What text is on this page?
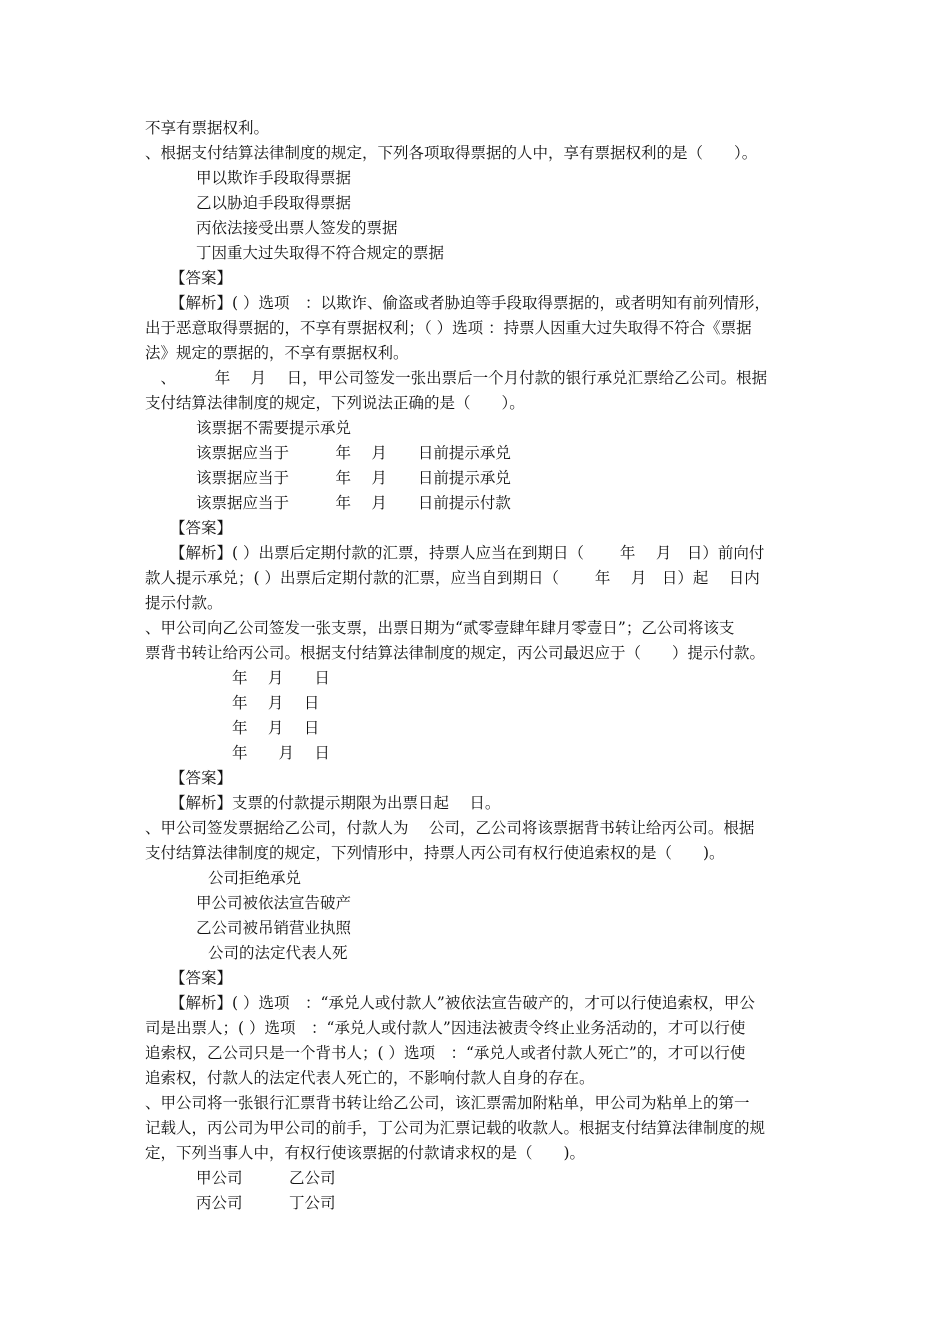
不享有票据权利。
、根据支付结算法律制度的规定，下列各项取得票据的人中，享有票据权利的是（　　）。
甲以欺诈手段取得票据
乙以胁迫手段取得票据
丙依法接受出票人签发的票据
丁因重大过失取得不符合规定的票据
【答案】
【解析】( ）选项　：以欺诈、偷盗或者胁迫等手段取得票据的，或者明知有前列情形，
出于恶意取得票据的，不享有票据权利；（ ）选项 ：持票人因重大过失取得不符合《票据
法》规定的票据的，不享有票据权利。
　、　　　年　 月　 日，甲公司签发一张出票后一个月付款的银行承兑汇票给乙公司。根据
支付结算法律制度的规定，下列说法正确的是（　　）。
该票据不需要提示承兑
该票据应当于　　　年　 月　　日前提示承兑
该票据应当于　　　年　 月　　日前提示承兑
该票据应当于　　　年　 月　　日前提示付款
【答案】
【解析】( ）出票后定期付款的汇票，持票人应当在到期日（　　 年　 月　日）前向付
款人提示承兑；( ）出票后定期付款的汇票，应当自到期日（　　 年　 月　日）起　 日内
提示付款。
、甲公司向乙公司签发一张支票，出票日期为“贰零壹肆年肆月零壹日”；乙公司将该支
票背书转让给丙公司。根据支付结算法律制度的规定，丙公司最迟应于（　　）提示付款。
年　 月　　日
年　 月　 日
年　 月　 日
年　　月　 日
【答案】
【解析】支票的付款提示期限为出票日起　 日。
、甲公司签发票据给乙公司，付款人为　 公司，乙公司将该票据背书转让给丙公司。根据
支付结算法律制度的规定，下列情形中，持票人丙公司有权行使追索权的是（　　)。
公司拒绝承兑
甲公司被依法宣告破产
乙公司被吊销营业执照
公司的法定代表人死
【答案】
【解析】( ）选项　：“承兑人或付款人”被依法宣告破产的，才可以行使追索权，甲公
司是出票人；( ）选项　：“承兑人或付款人”因违法被责令终止业务活动的，才可以行使
追索权，乙公司只是一个背书人；( ）选项　：“承兑人或者付款人死亡”的，才可以行使
追索权，付款人的法定代表人死亡的，不影响付款人自身的存在。
、甲公司将一张银行汇票背书转让给乙公司，该汇票需加附粘单，甲公司为粘单上的第一
记载人，丙公司为甲公司的前手，丁公司为汇票记载的收款人。根据支付结算法律制度的规
定，下列当事人中，有权行使该票据的付款请求权的是（　　)。
甲公司　　　乙公司
丙公司　　　丁公司
